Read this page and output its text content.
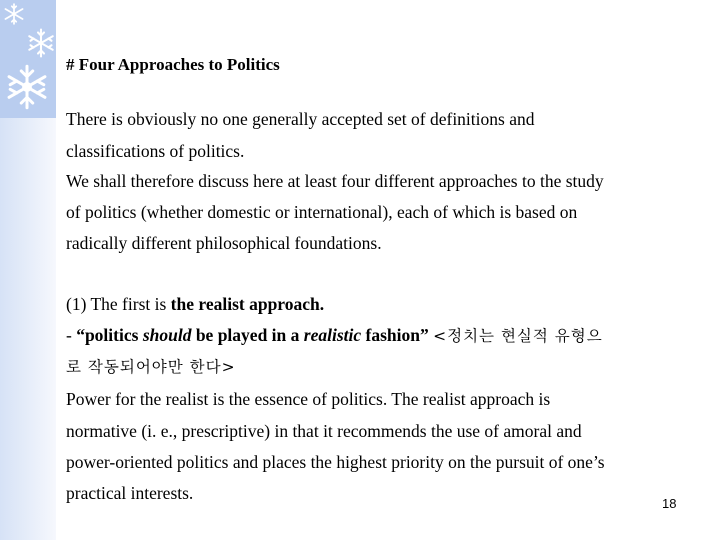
# Four Approaches to Politics
There is obviously no one generally accepted set of definitions and
classifications of politics.
We shall therefore discuss here at least four different approaches to the study
of politics (whether domestic or international), each of which is based on
radically different philosophical foundations.
(1) The first is the realist approach.
- “politics should be played in a realistic fashion” <정치는 현실적 유형으
로 작동되어야만 한다>
Power for the realist is the essence of politics. The realist approach is
normative (i. e., prescriptive) in that it recommends the use of amoral and
power-oriented politics and places the highest priority on the pursuit of one’s
practical interests.
18
